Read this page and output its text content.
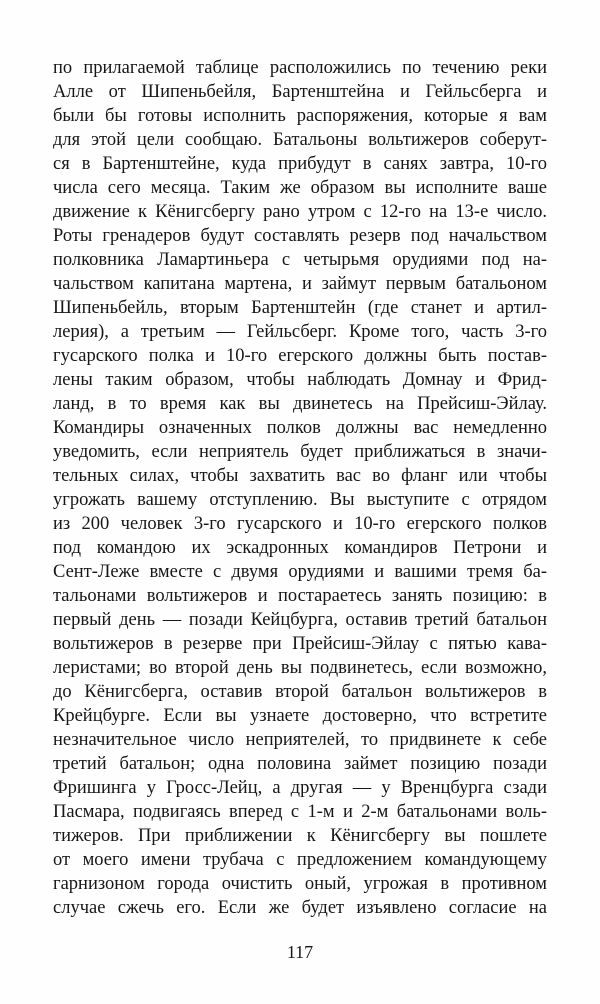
по прилагаемой таблице расположились по течению реки
Алле от Шипеньбейля, Бартенштейна и Гейльсберга и
были бы готовы исполнить распоряжения, которые я вам
для этой цели сообщаю. Батальоны вольтижеров соберут-
ся в Бартенштейне, куда прибудут в санях завтра, 10-го
числа сего месяца. Таким же образом вы исполните ваше
движение к Кёнигсбергу рано утром с 12-го на 13-е число.
Роты гренадеров будут составлять резерв под начальством
полковника Ламартиньера с четырьмя орудиями под на-
чальством капитана мартена, и займут первым батальоном
Шипеньбейль, вторым Бартенштейн (где станет и артил-
лерия), а третьим — Гейльсберг. Кроме того, часть 3-го
гусарского полка и 10-го егерского должны быть постав-
лены таким образом, чтобы наблюдать Домнау и Фрид-
ланд, в то время как вы двинетесь на Прейсиш-Эйлау.
Командиры означенных полков должны вас немедленно
уведомить, если неприятель будет приближаться в значи-
тельных силах, чтобы захватить вас во фланг или чтобы
угрожать вашему отступлению. Вы выступите с отрядом
из 200 человек 3-го гусарского и 10-го егерского полков
под командою их эскадронных командиров Петрони и
Сент-Леже вместе с двумя орудиями и вашими тремя ба-
тальонами вольтижеров и постараетесь занять позицию: в
первый день — позади Кейцбурга, оставив третий батальон
вольтижеров в резерве при Прейсиш-Эйлау с пятью кава-
леристами; во второй день вы подвинетесь, если возможно,
до Кёнигсберга, оставив второй батальон вольтижеров в
Крейцбурге. Если вы узнаете достоверно, что встретите
незначительное число неприятелей, то придвинете к себе
третий батальон; одна половина займет позицию позади
Фришинга у Гросс-Лейц, а другая — у Вренцбурга сзади
Пасмара, подвигаясь вперед с 1-м и 2-м батальонами воль-
тижеров. При приближении к Кёнигсбергу вы пошлете
от моего имени трубача с предложением командующему
гарнизоном города очистить оный, угрожая в противном
случае сжечь его. Если же будет изъявлено согласие на
117
